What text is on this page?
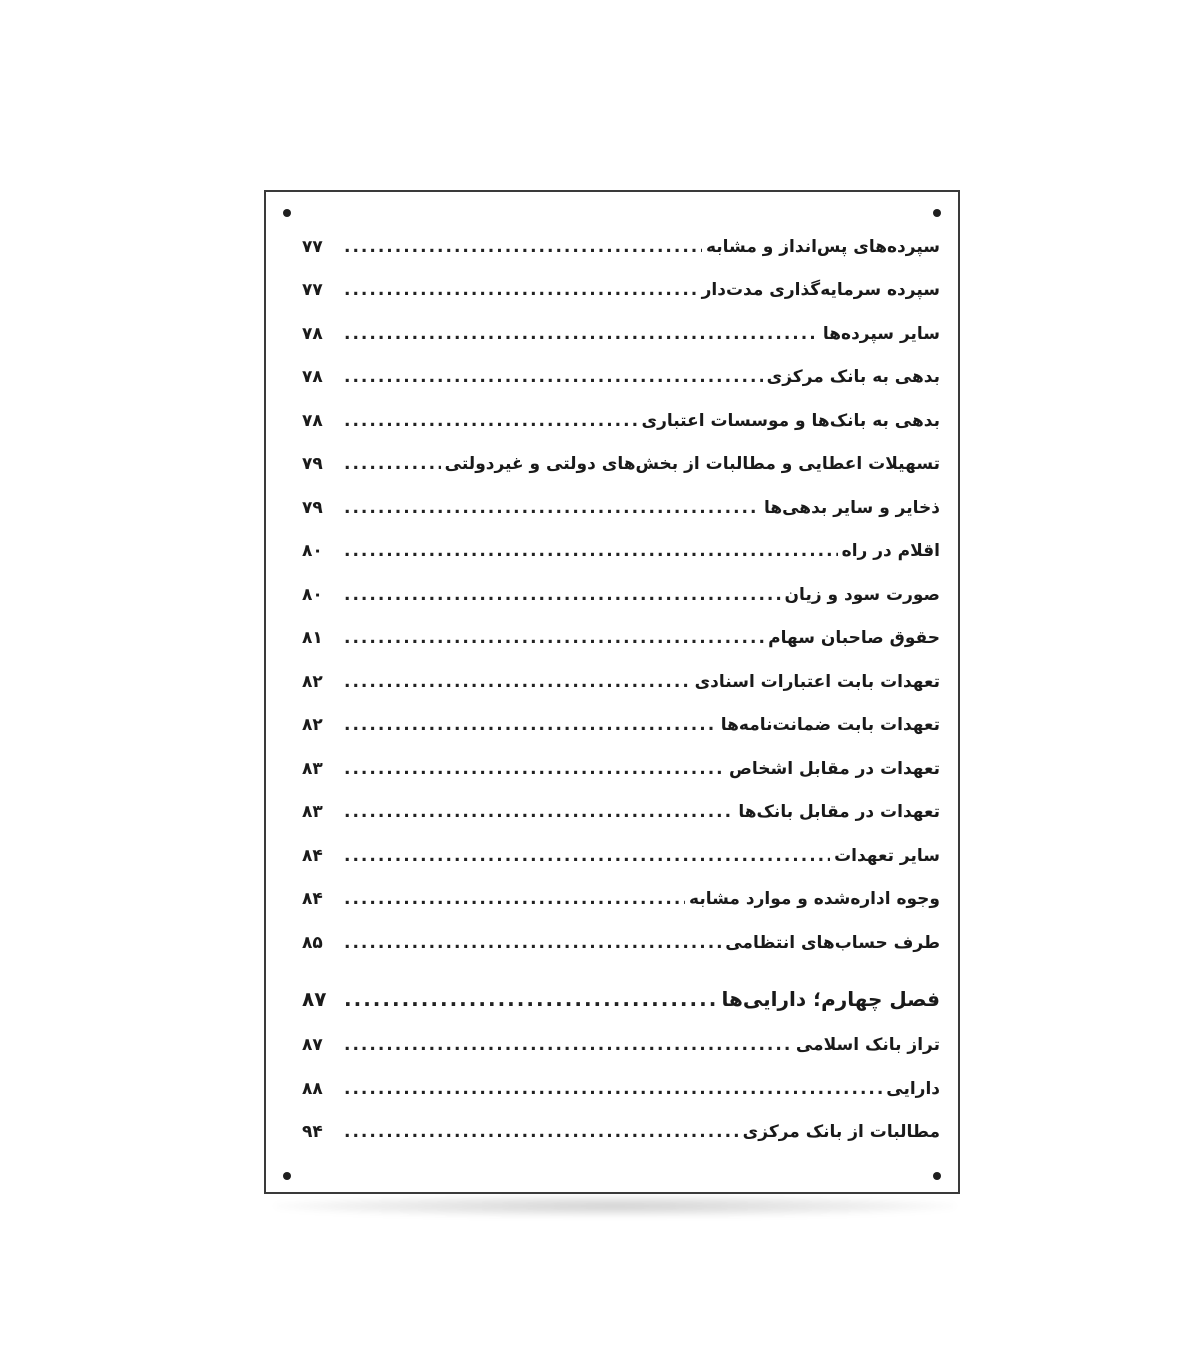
سپرده‌های پس‌انداز و مشابه
.....
۷۷
سپرده سرمایه‌گذاری مدت‌دار
.....
۷۷
سایر سپرده‌ها
.....
۷۸
بدهی به بانک مرکزی
.....
۷۸
بدهی به بانک‌ها و موسسات اعتباری
.....
۷۸
تسهیلات اعطایی و مطالبات از بخش‌های دولتی و غیردولتی
.....
۷۹
ذخایر و سایر بدهی‌ها
.....
۷۹
اقلام در راه
.....
۸۰
صورت سود و زیان
.....
۸۰
حقوق صاحبان سهام
.....
۸۱
تعهدات بابت اعتبارات اسنادی
.....
۸۲
تعهدات بابت ضمانت‌نامه‌ها
.....
۸۲
تعهدات در مقابل اشخاص
.....
۸۳
تعهدات در مقابل بانک‌ها
.....
۸۳
سایر تعهدات
.....
۸۴
وجوه اداره‌شده و موارد مشابه
.....
۸۴
طرف حساب‌های انتظامی
.....
۸۵
فصل چهارم؛ دارایی‌ها
.....
۸۷
تراز بانک اسلامی
.....
۸۷
دارایی
.....
۸۸
مطالبات از بانک مرکزی
.....
۹۴
